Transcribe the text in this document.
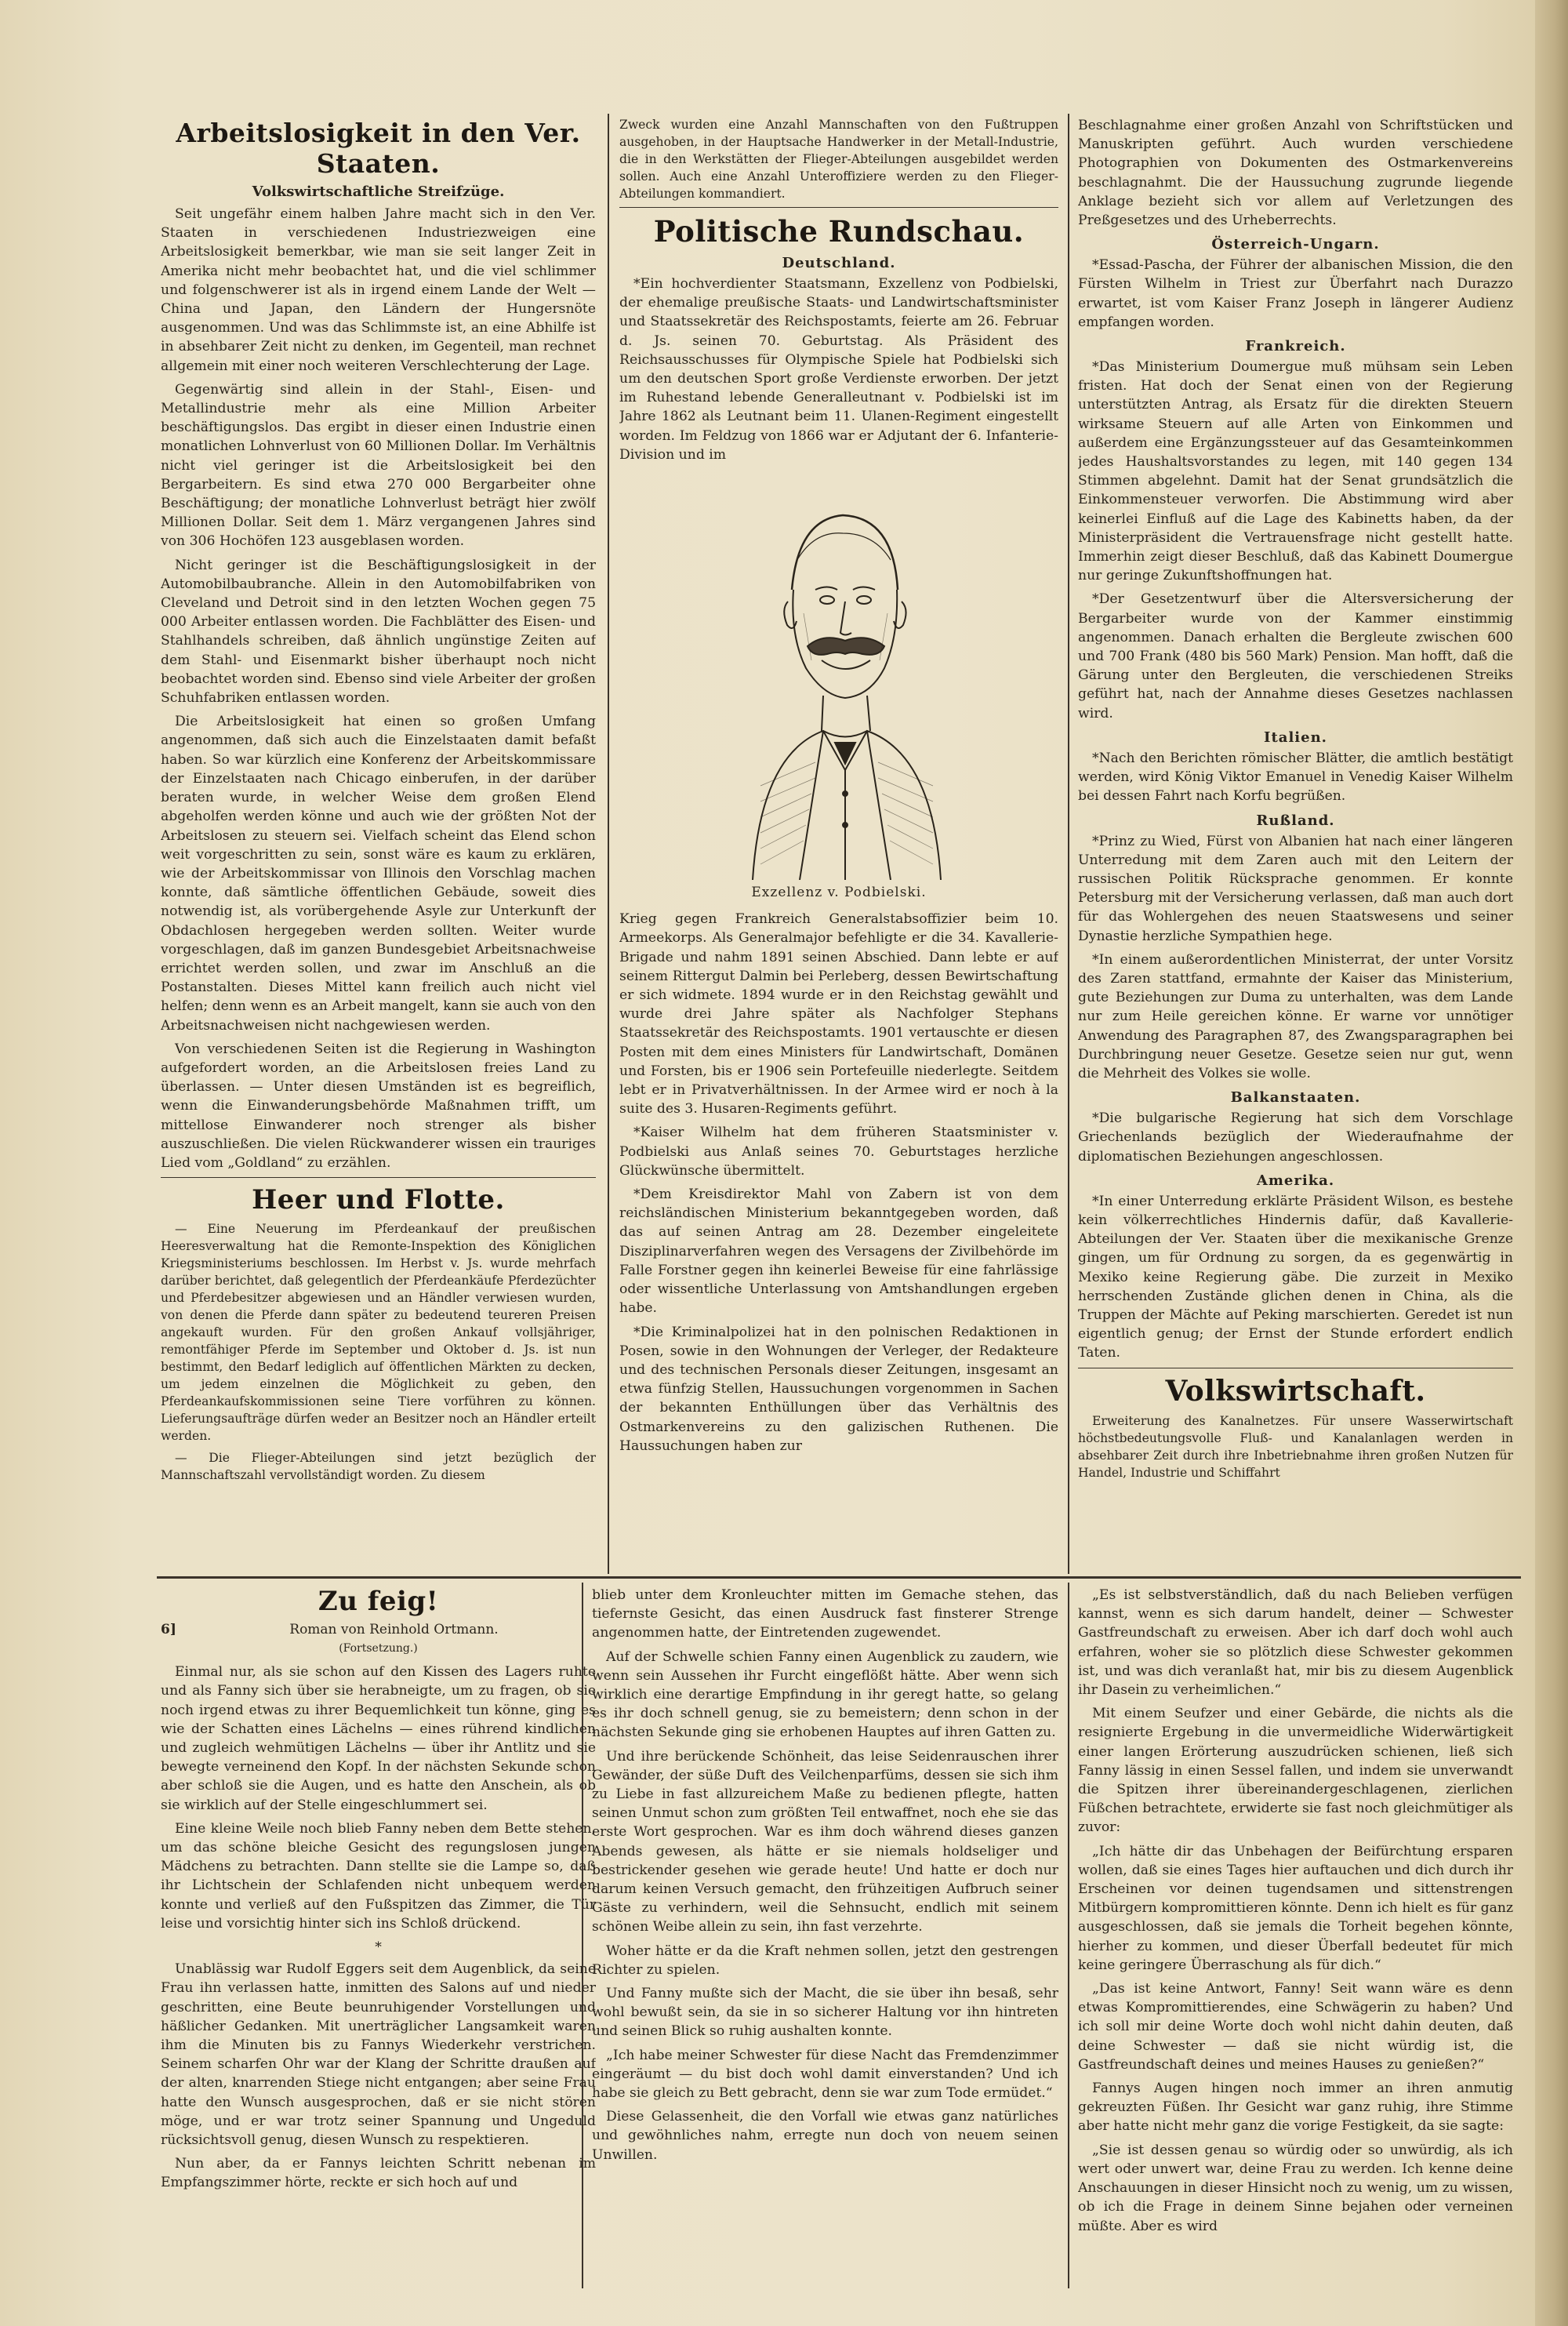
Arbeitslosigkeit in den Ver. Staaten.
Volkswirtschaftliche Streifzüge.

Seit ungefähr einem halben Jahre macht sich in den Ver. Staaten in verschiedenen Industriezweigen eine Arbeitslosigkeit bemerkbar, wie man sie seit langer Zeit in Amerika nicht mehr beobachtet hat, und die viel schlimmer und folgenschwerer ist als in irgend einem Lande der Welt — China und Japan, den Ländern der Hungersnöte ausgenommen. Und was das Schlimmste ist, an eine Abhilfe ist in absehbarer Zeit nicht zu denken, im Gegenteil, man rechnet allgemein mit einer noch weiteren Verschlechterung der Lage.

Gegenwärtig sind allein in der Stahl-, Eisen- und Metallindustrie mehr als eine Million Arbeiter beschäftigungslos. Das ergibt in dieser einen Industrie einen monatlichen Lohnverlust von 60 Millionen Dollar. Im Verhältnis nicht viel geringer ist die Arbeitslosigkeit bei den Bergarbeitern. Es sind etwa 270 000 Bergarbeiter ohne Beschäftigung; der monatliche Lohnverlust beträgt hier zwölf Millionen Dollar. Seit dem 1. März vergangenen Jahres sind von 306 Hochöfen 123 ausgeblasen worden.

Nicht geringer ist die Beschäftigungslosigkeit in der Automobilbaubranche. Allein in den Automobilfabriken von Cleveland und Detroit sind in den letzten Wochen gegen 75 000 Arbeiter entlassen worden. Die Fachblätter des Eisen- und Stahlhandels schreiben, daß ähnlich ungünstige Zeiten auf dem Stahl- und Eisenmarkt bisher überhaupt noch nicht beobachtet worden sind. Ebenso sind viele Arbeiter der großen Schuhfabriken entlassen worden.

Die Arbeitslosigkeit hat einen so großen Umfang angenommen, daß sich auch die Einzelstaaten damit befaßt haben. So war kürzlich eine Konferenz der Arbeitskommissare der Einzelstaaten nach Chicago einberufen, in der darüber beraten wurde, in welcher Weise dem großen Elend abgeholfen werden könne und auch wie der größten Not der Arbeitslosen zu steuern sei. Vielfach scheint das Elend schon weit vorgeschritten zu sein, sonst wäre es kaum zu erklären, wie der Arbeitskommissar von Illinois den Vorschlag machen konnte, daß sämtliche öffentlichen Gebäude, soweit dies notwendig ist, als vorübergehende Asyle zur Unterkunft der Obdachlosen hergegeben werden sollten. Weiter wurde vorgeschlagen, daß im ganzen Bundesgebiet Arbeitsnachweise errichtet werden sollen, und zwar im Anschluß an die Postanstalten. Dieses Mittel kann freilich auch nicht viel helfen; denn wenn es an Arbeit mangelt, kann sie auch von den Arbeitsnachweisen nicht nachgewiesen werden.

Von verschiedenen Seiten ist die Regierung in Washington aufgefordert worden, an die Arbeitslosen freies Land zu überlassen. — Unter diesen Umständen ist es begreiflich, wenn die Einwanderungsbehörde Maßnahmen trifft, um mittellose Einwanderer noch strenger als bisher auszuschließen. Die vielen Rückwanderer wissen ein trauriges Lied vom „Goldland“ zu erzählen.

Heer und Flotte.

— Eine Neuerung im Pferdeankauf der preußischen Heeresverwaltung hat die Remonte-Inspektion des Königlichen Kriegsministeriums beschlossen. Im Herbst v. Js. wurde mehrfach darüber berichtet, daß gelegentlich der Pferdeankäufe Pferdezüchter und Pferdebesitzer abgewiesen und an Händler verwiesen wurden, von denen die Pferde dann später zu bedeutend teureren Preisen angekauft wurden. Für den großen Ankauf vollsjähriger, remontfähiger Pferde im September und Oktober d. Js. ist nun bestimmt, den Bedarf lediglich auf öffentlichen Märkten zu decken, um jedem einzelnen die Möglichkeit zu geben, den Pferdeankaufskommissionen seine Tiere vorführen zu können. Lieferungsaufträge dürfen weder an Besitzer noch an Händler erteilt werden.

— Die Flieger-Abteilungen sind jetzt bezüglich der Mannschaftszahl vervollständigt worden. Zu diesem

Zweck wurden eine Anzahl Mannschaften von den Fußtruppen ausgehoben, in der Hauptsache Handwerker in der Metall-Industrie, die in den Werkstätten der Flieger-Abteilungen ausgebildet werden sollen. Auch eine Anzahl Unteroffiziere werden zu den Flieger-Abteilungen kommandiert.

Politische Rundschau.
Deutschland.

*Ein hochverdienter Staatsmann, Exzellenz von Podbielski, der ehemalige preußische Staats- und Landwirtschaftsminister und Staatssekretär des Reichspostamts, feierte am 26. Februar d. Js. seinen 70. Geburtstag. Als Präsident des Reichsausschusses für Olympische Spiele hat Podbielski sich um den deutschen Sport große Verdienste erworben. Der jetzt im Ruhestand lebende Generalleutnant v. Podbielski ist im Jahre 1862 als Leutnant beim 11. Ulanen-Regiment eingestellt worden. Im Feldzug von 1866 war er Adjutant der 6. Infanterie-Division und im

Exzellenz v. Podbielski.

Krieg gegen Frankreich Generalstabsoffizier beim 10. Armeekorps. Als Generalmajor befehligte er die 34. Kavallerie-Brigade und nahm 1891 seinen Abschied. Dann lebte er auf seinem Rittergut Dalmin bei Perleberg, dessen Bewirtschaftung er sich widmete. 1894 wurde er in den Reichstag gewählt und wurde drei Jahre später als Nachfolger Stephans Staatssekretär des Reichspostamts. 1901 vertauschte er diesen Posten mit dem eines Ministers für Landwirtschaft, Domänen und Forsten, bis er 1906 sein Portefeuille niederlegte. Seitdem lebt er in Privatverhältnissen. In der Armee wird er noch à la suite des 3. Husaren-Regiments geführt.

*Kaiser Wilhelm hat dem früheren Staatsminister v. Podbielski aus Anlaß seines 70. Geburtstages herzliche Glückwünsche übermittelt.

*Dem Kreisdirektor Mahl von Zabern ist von dem reichsländischen Ministerium bekanntgegeben worden, daß das auf seinen Antrag am 28. Dezember eingeleitete Disziplinarverfahren wegen des Versagens der Zivilbehörde im Falle Forstner gegen ihn keinerlei Beweise für eine fahrlässige oder wissentliche Unterlassung von Amtshandlungen ergeben habe.

*Die Kriminalpolizei hat in den polnischen Redaktionen in Posen, sowie in den Wohnungen der Verleger, der Redakteure und des technischen Personals dieser Zeitungen, insgesamt an etwa fünfzig Stellen, Haussuchungen vorgenommen in Sachen der bekannten Enthüllungen über das Verhältnis des Ostmarkenvereins zu den galizischen Ruthenen. Die Haussuchungen haben zur

Beschlagnahme einer großen Anzahl von Schriftstücken und Manuskripten geführt. Auch wurden verschiedene Photographien von Dokumenten des Ostmarkenvereins beschlagnahmt. Die der Haussuchung zugrunde liegende Anklage bezieht sich vor allem auf Verletzungen des Preßgesetzes und des Urheberrechts.

Österreich-Ungarn.

*Essad-Pascha, der Führer der albanischen Mission, die den Fürsten Wilhelm in Triest zur Überfahrt nach Durazzo erwartet, ist vom Kaiser Franz Joseph in längerer Audienz empfangen worden.

Frankreich.

*Das Ministerium Doumergue muß mühsam sein Leben fristen. Hat doch der Senat einen von der Regierung unterstützten Antrag, als Ersatz für die direkten Steuern wirksame Steuern auf alle Arten von Einkommen und außerdem eine Ergänzungssteuer auf das Gesamteinkommen jedes Haushaltsvorstandes zu legen, mit 140 gegen 134 Stimmen abgelehnt. Damit hat der Senat grundsätzlich die Einkommensteuer verworfen. Die Abstimmung wird aber keinerlei Einfluß auf die Lage des Kabinetts haben, da der Ministerpräsident die Vertrauensfrage nicht gestellt hatte. Immerhin zeigt dieser Beschluß, daß das Kabinett Doumergue nur geringe Zukunftshoffnungen hat.

*Der Gesetzentwurf über die Altersversicherung der Bergarbeiter wurde von der Kammer einstimmig angenommen. Danach erhalten die Bergleute zwischen 600 und 700 Frank (480 bis 560 Mark) Pension. Man hofft, daß die Gärung unter den Bergleuten, die verschiedenen Streiks geführt hat, nach der Annahme dieses Gesetzes nachlassen wird.

Italien.

*Nach den Berichten römischer Blätter, die amtlich bestätigt werden, wird König Viktor Emanuel in Venedig Kaiser Wilhelm bei dessen Fahrt nach Korfu begrüßen.

Rußland.

*Prinz zu Wied, Fürst von Albanien hat nach einer längeren Unterredung mit dem Zaren auch mit den Leitern der russischen Politik Rücksprache genommen. Er konnte Petersburg mit der Versicherung verlassen, daß man auch dort für das Wohlergehen des neuen Staatswesens und seiner Dynastie herzliche Sympathien hege.

*In einem außerordentlichen Ministerrat, der unter Vorsitz des Zaren stattfand, ermahnte der Kaiser das Ministerium, gute Beziehungen zur Duma zu unterhalten, was dem Lande nur zum Heile gereichen könne. Er warne vor unnötiger Anwendung des Paragraphen 87, des Zwangsparagraphen bei Durchbringung neuer Gesetze. Gesetze seien nur gut, wenn die Mehrheit des Volkes sie wolle.

Balkanstaaten.

*Die bulgarische Regierung hat sich dem Vorschlage Griechenlands bezüglich der Wiederaufnahme der diplomatischen Beziehungen angeschlossen.

Amerika.

*In einer Unterredung erklärte Präsident Wilson, es bestehe kein völkerrechtliches Hindernis dafür, daß Kavallerie-Abteilungen der Ver. Staaten über die mexikanische Grenze gingen, um für Ordnung zu sorgen, da es gegenwärtig in Mexiko keine Regierung gäbe. Die zurzeit in Mexiko herrschenden Zustände glichen denen in China, als die Truppen der Mächte auf Peking marschierten. Geredet ist nun eigentlich genug; der Ernst der Stunde erfordert endlich Taten.

Volkswirtschaft.

Erweiterung des Kanalnetzes. Für unsere Wasserwirtschaft höchstbedeutungsvolle Fluß- und Kanalanlagen werden in absehbarer Zeit durch ihre Inbetriebnahme ihren großen Nutzen für Handel, Industrie und Schiffahrt

Zu feig!
6]	Roman von Reinhold Ortmann.

(Fortsetzung.)

Einmal nur, als sie schon auf den Kissen des Lagers ruhte und als Fanny sich über sie herabneigte, um zu fragen, ob sie noch irgend etwas zu ihrer Bequemlichkeit tun könne, ging es wie der Schatten eines Lächelns — eines rührend kindlichen und zugleich wehmütigen Lächelns — über ihr Antlitz und sie bewegte verneinend den Kopf. In der nächsten Sekunde schon aber schloß sie die Augen, und es hatte den Anschein, als ob sie wirklich auf der Stelle eingeschlummert sei.

Eine kleine Weile noch blieb Fanny neben dem Bette stehen, um das schöne bleiche Gesicht des regungslosen jungen Mädchens zu betrachten. Dann stellte sie die Lampe so, daß ihr Lichtschein der Schlafenden nicht unbequem werden konnte und verließ auf den Fußspitzen das Zimmer, die Tür leise und vorsichtig hinter sich ins Schloß drückend.

*

Unablässig war Rudolf Eggers seit dem Augenblick, da seine Frau ihn verlassen hatte, inmitten des Salons auf und nieder geschritten, eine Beute beunruhigender Vorstellungen und häßlicher Gedanken. Mit unerträglicher Langsamkeit waren ihm die Minuten bis zu Fannys Wiederkehr verstrichen. Seinem scharfen Ohr war der Klang der Schritte draußen auf der alten, knarrenden Stiege nicht entgangen; aber seine Frau hatte den Wunsch ausgesprochen, daß er sie nicht stören möge, und er war trotz seiner Spannung und Ungeduld rücksichtsvoll genug, diesen Wunsch zu respektieren.

Nun aber, da er Fannys leichten Schritt nebenan im Empfangszimmer hörte, reckte er sich hoch auf und

blieb unter dem Kronleuchter mitten im Gemache stehen, das tiefernste Gesicht, das einen Ausdruck fast finsterer Strenge angenommen hatte, der Eintretenden zugewendet.

Auf der Schwelle schien Fanny einen Augenblick zu zaudern, wie wenn sein Aussehen ihr Furcht eingeflößt hätte. Aber wenn sich wirklich eine derartige Empfindung in ihr geregt hatte, so gelang es ihr doch schnell genug, sie zu bemeistern; denn schon in der nächsten Sekunde ging sie erhobenen Hauptes auf ihren Gatten zu.

Und ihre berückende Schönheit, das leise Seidenrauschen ihrer Gewänder, der süße Duft des Veilchenparfüms, dessen sie sich ihm zu Liebe in fast allzureichem Maße zu bedienen pflegte, hatten seinen Unmut schon zum größten Teil entwaffnet, noch ehe sie das erste Wort gesprochen. War es ihm doch während dieses ganzen Abends gewesen, als hätte er sie niemals holdseliger und bestrickender gesehen wie gerade heute! Und hatte er doch nur darum keinen Versuch gemacht, den frühzeitigen Aufbruch seiner Gäste zu verhindern, weil die Sehnsucht, endlich mit seinem schönen Weibe allein zu sein, ihn fast verzehrte.

Woher hätte er da die Kraft nehmen sollen, jetzt den gestrengen Richter zu spielen.

Und Fanny mußte sich der Macht, die sie über ihn besaß, sehr wohl bewußt sein, da sie in so sicherer Haltung vor ihn hintreten und seinen Blick so ruhig aushalten konnte.

„Ich habe meiner Schwester für diese Nacht das Fremdenzimmer eingeräumt — du bist doch wohl damit einverstanden? Und ich habe sie gleich zu Bett gebracht, denn sie war zum Tode ermüdet.“

Diese Gelassenheit, die den Vorfall wie etwas ganz natürliches und gewöhnliches nahm, erregte nun doch von neuem seinen Unwillen.

„Es ist selbstverständlich, daß du nach Belieben verfügen kannst, wenn es sich darum handelt, deiner — Schwester Gastfreundschaft zu erweisen. Aber ich darf doch wohl auch erfahren, woher sie so plötzlich diese Schwester gekommen ist, und was dich veranlaßt hat, mir bis zu diesem Augenblick ihr Dasein zu verheimlichen.“

Mit einem Seufzer und einer Gebärde, die nichts als die resignierte Ergebung in die unvermeidliche Widerwärtigkeit einer langen Erörterung auszudrücken schienen, ließ sich Fanny lässig in einen Sessel fallen, und indem sie unverwandt die Spitzen ihrer übereinandergeschlagenen, zierlichen Füßchen betrachtete, erwiderte sie fast noch gleichmütiger als zuvor:

„Ich hätte dir das Unbehagen der Beifürchtung ersparen wollen, daß sie eines Tages hier auftauchen und dich durch ihr Erscheinen vor deinen tugendsamen und sittenstrengen Mitbürgern kompromittieren könnte. Denn ich hielt es für ganz ausgeschlossen, daß sie jemals die Torheit begehen könnte, hierher zu kommen, und dieser Überfall bedeutet für mich keine geringere Überraschung als für dich.“

„Das ist keine Antwort, Fanny! Seit wann wäre es denn etwas Kompromittierendes, eine Schwägerin zu haben? Und ich soll mir deine Worte doch wohl nicht dahin deuten, daß deine Schwester — daß sie nicht würdig ist, die Gastfreundschaft deines und meines Hauses zu genießen?“

Fannys Augen hingen noch immer an ihren anmutig gekreuzten Füßen. Ihr Gesicht war ganz ruhig, ihre Stimme aber hatte nicht mehr ganz die vorige Festigkeit, da sie sagte:

„Sie ist dessen genau so würdig oder so unwürdig, als ich wert oder unwert war, deine Frau zu werden. Ich kenne deine Anschauungen in dieser Hinsicht noch zu wenig, um zu wissen, ob ich die Frage in deinem Sinne bejahen oder verneinen müßte. Aber es wird
